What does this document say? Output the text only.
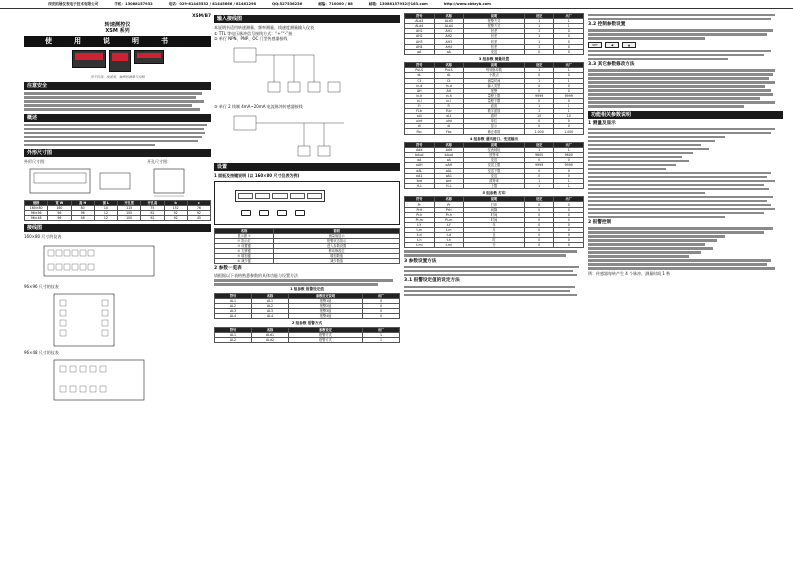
西安拓展仪表电子技术有限公司	手机：13088157932	电话：029-81445532 / 81445666 / 81461296	QQ:527536236	邮编：710000 / 88	邮箱：13088157932@163.com	http://www.xbtzyb.com
XSM/B7
转速测控仪
XSM 系列
使用说明书
用于转速、线速度、频率的测量与控制
注意安全
概述
外形尺寸图
外形尺寸图：	开孔尺寸图：
规格	宽 W	高 H	深 L	开孔宽	开孔高	b	c
160×80	160	80	10	115	75	152	76
96×96	96	96	12	100	92	92	92
96×48	96	48	12	100	92	92	45
接线图
160×80 尺寸的仪表
96×96 尺寸的仪表
96×48 尺寸的仪表
输入接线图
本说明书适用转速测量、频率测量、线速度测量输入仪表
① TTL 等电压脉冲信号接线方式：“+”“-”接
② 单行 NPN、PNP、OC 门型传感器接线
③ 单行 2 线制 4mA~20mA 电流脉冲传感器接线
设置
1 面板及按键说明 (以 160×80 尺寸仪表为例)
名称	说明
显示窗 ①	测量值显示
② 指示灯	报警状态指示
③ 设置键	进入参数设置
④ 左移键	移动修改位
⑤ 增加键	增加数值
⑥ 减少键	减少数值
2 参数一览表
请根据以下表格熟悉参数的具体功能与设置方法
1 组参数 报警设定值
符号	名称	参数设定说明	出厂
AL1	AL1	报警1值	0
AL2	AL2	报警2值	0
AL3	AL3	报警3值	0
AL4	AL4	报警4值	0
2 组参数 报警方式
符号	名称	参数设定	出厂
AL1	ALd1	报警方式	1
AL2	ALd2	报警方式	1
符号	名称	说明	设定	出厂
ALd3	ALd3	报警方式	1	1
ALd4	ALd4	报警方式	1	1
AH1	AH1	回差	1	0
AH2	AH2	回差	1	0
AH3	AH3	回差	1	0
AH4	AH4	回差	1	0
oA	oA	变送	0	0
3 组参数 测量设置
符号	名称	说明	设定	出厂
PuLS	PuLS	每转脉冲数	1	1
dL	dL	小数点	0	0
Ct	Ct	测量时间	1	1
in-d	in-d	输入类型	0	0
AH	AH	报警	0	0
in-h	in-h	量程上限	9999	9999
in-l	in-l	量程下限	0	0
Fi	Fi	滤波	1	1
FLtr	FLtr	数字滤波	1	1
oLt	oLt	超时	10	10
uint	uint	单位	0	0
di	di	显示	0	0
Fbc	Fbc	修正系数	1.000	1.000
4 组参数 通讯接口、变送输出
符号	名称	说明	设定	出厂
Add	Add	仪表地址	1	1
bAud	bAud	波特率	9600	9600
oA	oA	变送	0	0
oAH	oAH	变送上限	9999	9999
oAL	oAL	变送下限	0	0
oA1	oA1	变送	0	0
brd	brd	波特率	1	1
H-L	H-L	上限	1	1
5 组参数 打印
符号	名称	说明	设定	出厂
Pr	Pr	打印	0	0
PrH	PrH	间隔	0	0
Pr-h	Pr-h	时间	0	0
Pr-m	Pr-m	时间	0	0
t-Y	t-Y	年	0	0
t-m	t-m	月	0	0
t-d	t-d	日	0	0
t-h	t-h	时	0	0
t-mi	t-mi	分	0	0
3 参数设置方法
3.1 报警设定值的设定方法
3.2 控制参数设置
SET	◀	▲
3.3 其它参数修改方法
功能相关参数说明
1 测量及显示
2 报警控制
例：传感器每转产生 4 个脉冲，测量时间 1 秒
